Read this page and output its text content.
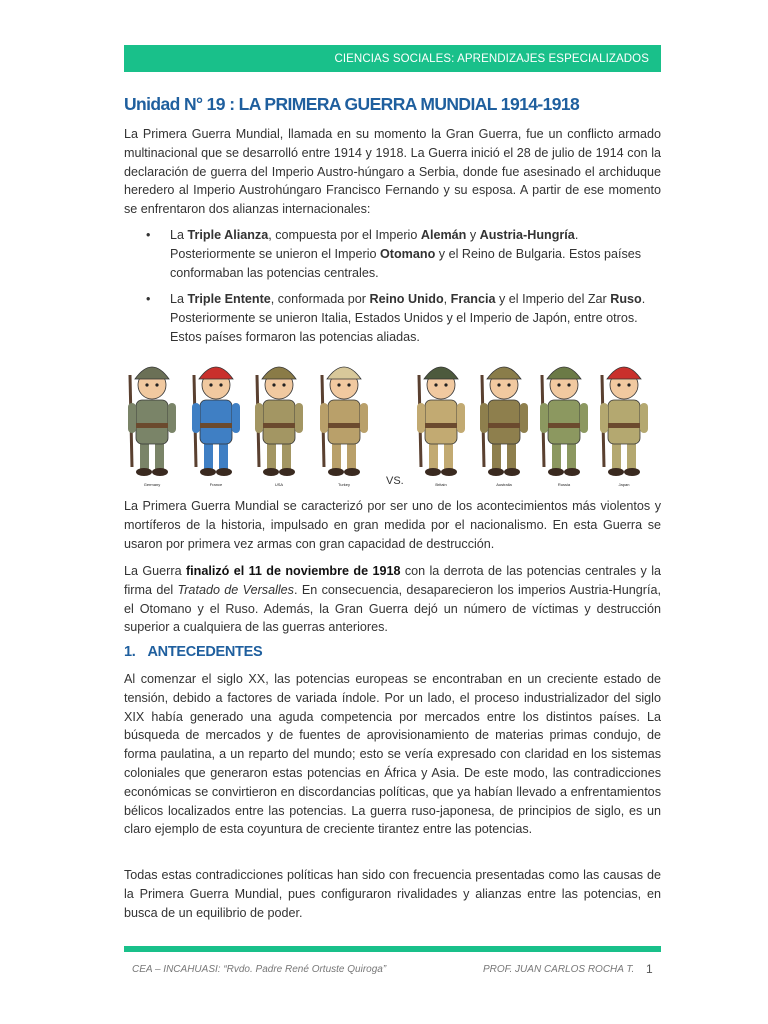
CIENCIAS SOCIALES: APRENDIZAJES ESPECIALIZADOS
Unidad N° 19 : LA PRIMERA GUERRA MUNDIAL 1914-1918
La Primera Guerra Mundial, llamada en su momento la Gran Guerra, fue un conflicto armado multinacional que se desarrolló entre 1914 y 1918. La Guerra inició el 28 de julio de 1914 con la declaración de guerra del Imperio Austro-húngaro a Serbia, donde fue asesinado el archiduque heredero al Imperio Austrohúngaro Francisco Fernando y su esposa. A partir de ese momento se enfrentaron dos alianzas internacionales:
•	La Triple Alianza, compuesta por el Imperio Alemán y Austria-Hungría. Posteriormente se unieron el Imperio Otomano y el Reino de Bulgaria. Estos países conformaban las potencias centrales.
•	La Triple Entente, conformada por Reino Unido, Francia y el Imperio del Zar Ruso. Posteriormente se unieron Italia, Estados Unidos y el Imperio de Japón, entre otros. Estos países formaron las potencias aliadas.
Germany	France	USA	Turkey	Britain	Australia	Russia	Japan
VS.
La Primera Guerra Mundial se caracterizó por ser uno de los acontecimientos más violentos y mortíferos de la historia, impulsado en gran medida por el nacionalismo. En esta Guerra se usaron por primera vez armas con gran capacidad de destrucción.
La Guerra finalizó el 11 de noviembre de 1918 con la derrota de las potencias centrales y la firma del Tratado de Versalles. En consecuencia, desaparecieron los imperios Austria-Hungría, el Otomano y el Ruso. Además, la Gran Guerra dejó un número de víctimas y destrucción superior a cualquiera de las guerras anteriores.
1. ANTECEDENTES
Al comenzar el siglo XX, las potencias europeas se encontraban en un creciente estado de tensión, debido a factores de variada índole. Por un lado, el proceso industrializador del siglo XIX había generado una aguda competencia por mercados entre los distintos países. La búsqueda de mercados y de fuentes de aprovisionamiento de materias primas condujo, de forma paulatina, a un reparto del mundo; esto se vería expresado con claridad en los sistemas coloniales que generaron estas potencias en África y Asia. De este modo, las contradicciones económicas se convirtieron en discordancias políticas, que ya habían llevado a enfrentamientos bélicos localizados entre las potencias. La guerra ruso-japonesa, de principios de siglo, es un claro ejemplo de esta coyuntura de creciente tirantez entre las potencias.
Todas estas contradicciones políticas han sido con frecuencia presentadas como las causas de la Primera Guerra Mundial, pues configuraron rivalidades y alianzas entre las potencias, en busca de un equilibrio de poder.
CEA – INCAHUASI: “Rvdo. Padre René Ortuste Quiroga”	PROF. JUAN CARLOS ROCHA T. 1
